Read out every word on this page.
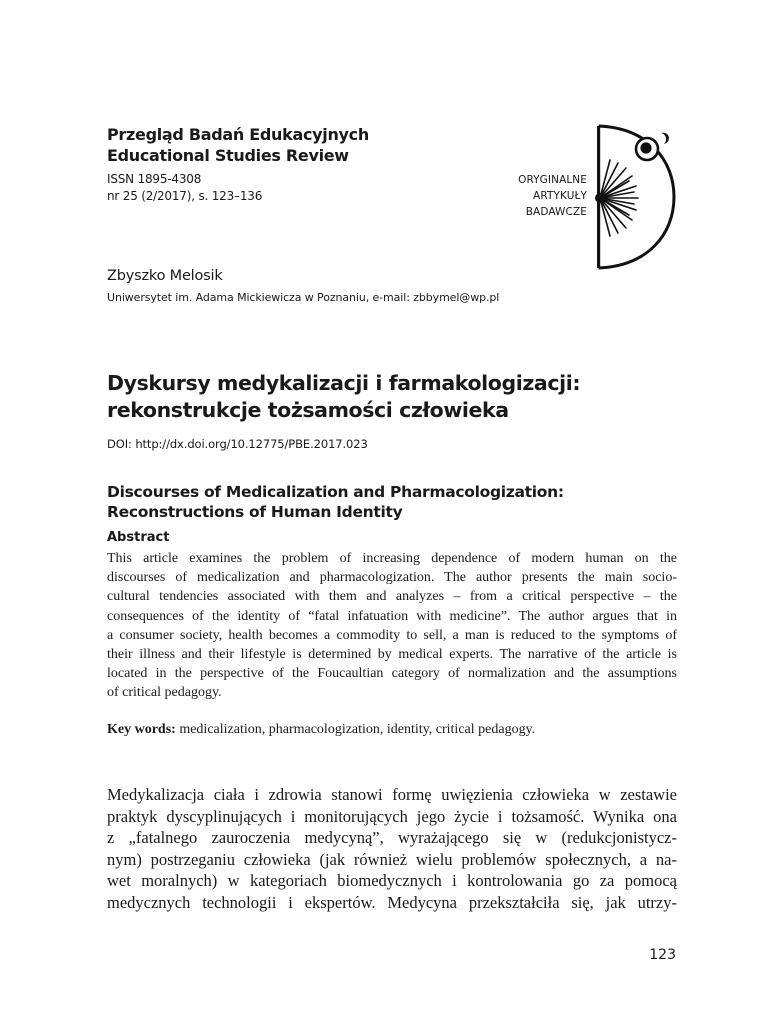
Przegląd Badań Edukacyjnych
Educational Studies Review
ISSN 1895-4308
nr 25 (2/2017), s. 123–136
ORYGINALNE
ARTYKUŁY
BADAWCZE
Zbyszko Melosik
Uniwersytet im. Adama Mickiewicza w Poznaniu, e-mail: zbbymel@wp.pl
Dyskursy medykalizacji i farmakologizacji:
rekonstrukcje tożsamości człowieka
DOI: http://dx.doi.org/10.12775/PBE.2017.023
Discourses of Medicalization and Pharmacologization:
Reconstructions of Human Identity
Abstract
This article examines the problem of increasing dependence of modern human on the
discourses of medicalization and pharmacologization. The author presents the main socio-
cultural tendencies associated with them and analyzes – from a critical perspective – the
consequences of the identity of “fatal infatuation with medicine”. The author argues that in
a consumer society, health becomes a commodity to sell, a man is reduced to the symptoms of
their illness and their lifestyle is determined by medical experts. The narrative of the article is
located in the perspective of the Foucaultian category of normalization and the assumptions
of critical pedagogy.
Key words: medicalization, pharmacologization, identity, critical pedagogy.
Medykalizacja ciała i zdrowia stanowi formę uwięzienia człowieka w zestawie
praktyk dyscyplinujących i monitorujących jego życie i tożsamość. Wynika ona
z „fatalnego zauroczenia medycyną”, wyrażającego się w (redukcjonistycz-
nym) postrzeganiu człowieka (jak również wielu problemów społecznych, a na-
wet moralnych) w kategoriach biomedycznych i kontrolowania go za pomocą
medycznych technologii i ekspertów. Medycyna przekształciła się, jak utrzy-
123
